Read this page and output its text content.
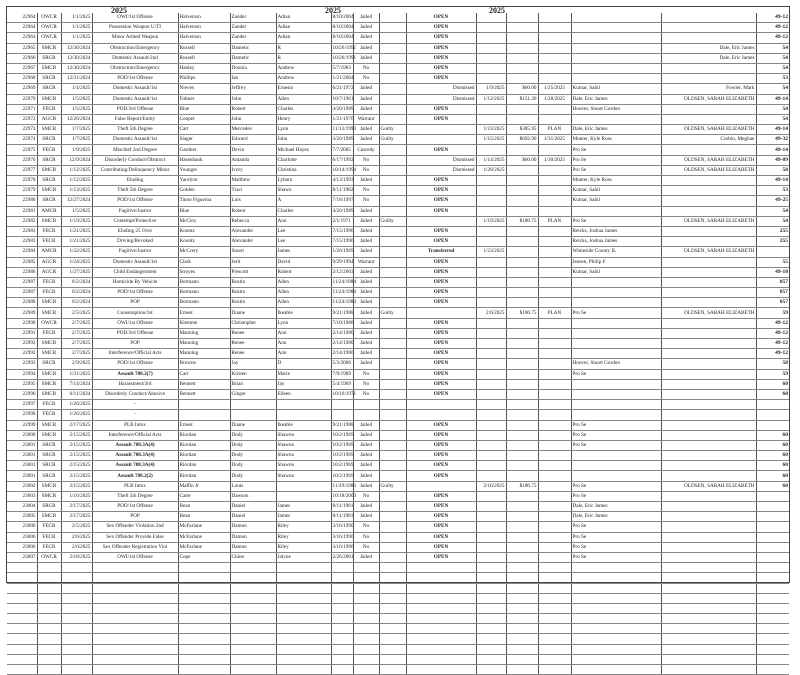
2025	2025	2025
22964	OWCR	1/1/2025	OWI/1st Offense	Halverson	Zander	Adian	8/10/2004	Jailed		OPEN							49-12
22964	OWCR	1/1/2025	Possession Weapon U/TI	Halverson	Zander	Adian	8/10/2004	Jailed		OPEN							49-12
22964	OWCR	1/1/2025	Minor Armed Weapon	Halverson	Zander	Adian	8/10/2004	Jailed		OPEN							49-12
22965	SMCR	12/30/2024	Obstruction/Emergency	Russell	Dametic	R	10/26/1991	Jailed		OPEN					Dale, Eric James		54
22966	SRCR	12/30/2024	Domestic Assault/2nd	Russell	Dametic	R	10/26/1991	Jailed		OPEN					Dale, Eric James		54
22967	SMCR	12/30/2024	Obstruction/Emergency	Hanley	Donnia	Andrew	5/7/1983	No		OPEN							54
22968	SRCR	12/31/2024	POD/1st Offense	Phillips	Ian	Andrew	1/21/2004	No		OPEN							53
22969	SRCR	1/4/2025	Domestic Assault/1st	Nieves	Jeffrey	Ernesto	6/21/1972	Jailed		Dismissed	1/9/2025	$60.00	1/25/2025	Kumar, Sahil	Fowler, Mark		54
22970	SMCR	1/5/2025	Domestic Assault/1st	Fulmer	John	Allen	10/7/1961	Jailed		Dismissed	1/12/2025	$151.20	1/28/2025	Dale, Eric James	OLDSEN, SARAH ELIZABETH		49-14
22971	FECR	1/5/2025	POD/3rd Offense	Blue	Robert	Charles	4/20/1989	Jailed		OPEN				Hoover, Stuart Gordon			54
22972	AGCR	12/26/2024	False Report/Entity	Cooper	John	Henry	1/21/1976	Warrant		OPEN							54
22973	SMCR	1/7/2025	Theft 5th Degree	Carr	Mercedes	Lynn	11/13/1990	Jailed	Guilty		1/23/2025	$385.95	PLAN	Dale, Eric James	OLDSEN, SARAH ELIZABETH		49-14
22974	SRCR	1/7/2025	Domestic Assault/1st	Slager	Edward	John	3/20/1989	Jailed	Guilty		1/15/2025	$692.90	1/31/2025	Munter, Kyle Ross	Corbin, Meghan		49-32
22975	FECR	1/9/2025	Mischief 2nd Degree	Gardner	Devin	Michael Hayes	7/7/2005	Custody		OPEN				Pro Se			49-14
22976	SRCR	12/9/2024	Disorderly Conduct/Obstruct	Hasenbank	Amanda	Charlotte	6/17/1992	No		Dismissed	1/14/2025	$60.00	1/30/2025	Pro Se	OLDSEN, SARAH ELIZABETH		49-09
22977	SMCR	1/12/2025	Contributing/Delinquency Minor	Younger	Ivory	Christina	10/14/1994	No		Dismissed	1/28/2025			Pro Se	OLDSEN, SARAH ELIZABETH		58
22978	SRCR	1/12/2025	Eluding	Yarolym	Matthew	Lyborn	4/13/1993	Jailed		OPEN				Munter, Kyle Ross			49-14
22979	SMCR	1/13/2025	Theft 5th Degree	Golden	Traci	Shawn	8/11/1982	No		OPEN				Kumar, Sahil			53
22980	SRCR	12/27/2024	POD/1st Offense	Tinno Figueroa	Luis	A	7/18/1997	No		OPEN				Kumar, Sahil			49-25
22981	AMCR	1/5/2025	Fugitive/Justice	Blue	Robert	Charles	4/20/1989	Jailed		OPEN							54
22982	SMCR	1/19/2025	Contempt/Protective	McCloy	Rebecca	Ann	2/1/1971	Jailed	Guilty		1/19/2025	$180.75	PLAN	Pro Se	OLDSEN, SARAH ELIZABETH		54
22983	FECR	1/21/2025	Eluding 25 Over	Koontz	Alexander	Lee	7/15/1996	Jailed		OPEN				Reicks, Joshua James			255
22983	FECR	1/21/2025	Driving/Revoked	Koontz	Alexander	Lee	7/15/1996	Jailed		OPEN				Reicks, Joshua James			255
22984	AMCR	1/22/2025	Fugitive/Justice	McCrery	Stuart	James	1/26/1969	Jailed		Transferred	1/23/2025			Whiteside County IL	OLDSEN, SARAH ELIZABETH		
22985	AGCR	1/24/2025	Domestic Assault/1st	Clark	Jerit	David	9/29/1994	Warrant		OPEN				Jensen, Philip F			55
22986	AGCR	1/27/2025	Child Endangerment	Stroyes	Prescott	Robert	2/12/2003	Jailed		OPEN				Kumar, Sahil			49-10
22987	FECR	6/2/2024	Homicide By Vehicle	Bormann	Rustin	Allen	11/24/1984	Jailed		OPEN							057
22987	FECR	6/2/2024	POD/1st Offense	Bormann	Rustin	Allen	11/24/1984	Jailed		OPEN							057
22988	SMCR	6/2/2024	POP	Bormann	Rustin	Allen	11/24/1984	Jailed		OPEN							057
22989	SMCR	2/5/2025	Consumption/1st	Ernest	Duane	Ikeable	9/21/1988	Jailed	Guilty		2/6/2025	$180.75	PLAN	Pro Se	OLDSEN, SARAH ELIZABETH		59
22990	OWCR	2/7/2025	OWI/1st Offense	Klemme	Christopher	Lynn	7/10/1988	Jailed		OPEN							49-12
22991	FECR	2/7/2025	POD/3rd Offense	Manning	Renee	Ann	2/14/1980	Jailed		OPEN							49-12
22992	SMCR	2/7/2025	POP	Manning	Renee	Ann	2/14/1980	Jailed		OPEN							49-12
22992	SMCR	2/7/2025	Interference/Official Acts	Manning	Renee	Ann	2/14/1980	Jailed		OPEN							49-12
22993	SRCR	2/9/2025	POD/1st Offense	Browne	Jay	D	5/3/2006	Jailed		OPEN				Hoover, Stuart Gordon			58
22994	SMCR	1/31/2025	Assault 708.2(7)	Carr	Kristen	Marie	7/9/1989	No		OPEN				Pro Se			59
22995	SMCR	7/14/2024	Harassment/3rd	Bennett	Brian	Jay	5/4/1969	No		OPEN							60
22996	SMCR	6/11/2024	Disorderly Conduct/Abusive	Bennett	Ginger	Eileen	10/16/1971	No		OPEN							60
22997	FECR	1/26/2025	-														
22998	FECR	1/26/2025	-														
22999	SMCR	2/17/2025	PLB Intox	Ernest	Duane	Ikeable	9/21/1988	Jailed		OPEN				Pro Se			
23000	SMCR	2/15/2025	Interference/Official Acts	Riordan	Dody	Shawno	10/2/1969	Jailed		OPEN				Pro Se			60
23001	SRCR	2/15/2025	Assault 708.3A(4)	Riordan	Dody	Shawno	10/2/1969	Jailed		OPEN				Pro Se			60
23001	SRCR	2/15/2025	Assault 708.3A(4)	Riordan	Dody	Shawno	10/2/1969	Jailed		OPEN							60
23001	SRCR	2/15/2025	Assault 708.3A(4)	Riordan	Dody	Shawno	10/2/1969	Jailed		OPEN							60
23001	SRCR	2/15/2025	Assault 708.2(2)	Riordan	Dody	Shawno	10/2/1969	Jailed		OPEN							60
23002	SMCR	2/15/2025	PLB Intox	Maffin Jr	Louis		11/29/1983	Jailed	Guilty		2/16/2025	$180.75		Pro Se	OLDSEN, SARAH ELIZABETH		60
23003	SMCR	1/16/2025	Theft 5th Degree	Carte	Dawson		10/18/2003	No		OPEN				Pro Se			
23004	SRCR	2/17/2025	POD/1st Offense	Bean	Daniel	James	8/11/1981	Jailed		OPEN				Dale, Eric James			
23005	SMCR	2/17/2025	POP	Bean	Daniel	James	8/11/1981	Jailed		OPEN				Dale, Eric James			
23006	FECR	2/5/2025	Sex Offender Violation 2nd	McFarlane	Damon	Riley	3/16/1990	No		OPEN				Pro Se			
23006	FECR	2/6/2025	Sex Offender Provide False	McFarlane	Damon	Riley	3/16/1990	No		OPEN				Pro Se			
23006	FECR	2/6/2025	Sex Offender Registration Viol	McFarlane	Damon	Riley	3/16/1990	No		OPEN				Pro Se			
23007	OWCR	2/18/2025	OWI/1st Offense	Cope	Chloe	Jalyne	2/26/2001	Jailed		OPEN				Pro Se			
